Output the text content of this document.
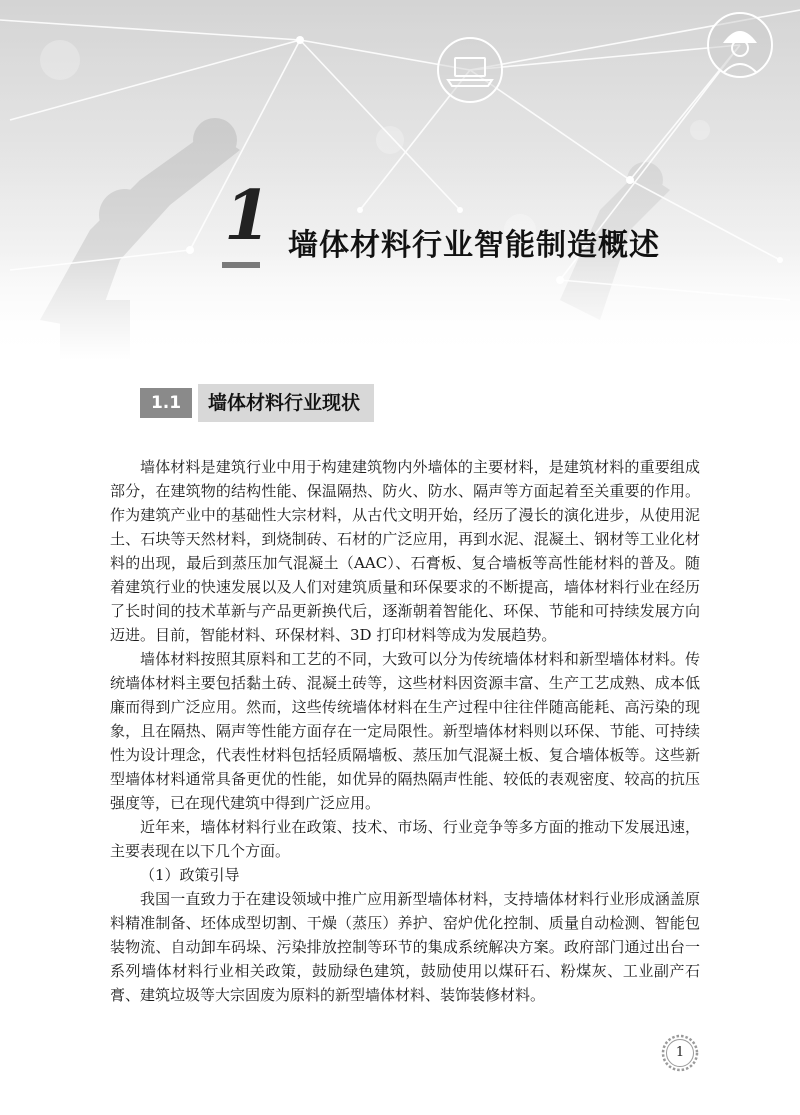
1 墙体材料行业智能制造概述
1.1	墙体材料行业现状

墙体材料是建筑行业中用于构建建筑物内外墙体的主要材料，是建筑材料的重要组成部分，在建筑物的结构性能、保温隔热、防火、防水、隔声等方面起着至关重要的作用。作为建筑产业中的基础性大宗材料，从古代文明开始，经历了漫长的演化进步，从使用泥土、石块等天然材料，到烧制砖、石材的广泛应用，再到水泥、混凝土、钢材等工业化材料的出现，最后到蒸压加气混凝土（AAC）、石膏板、复合墙板等高性能材料的普及。随着建筑行业的快速发展以及人们对建筑质量和环保要求的不断提高，墙体材料行业在经历了长时间的技术革新与产品更新换代后，逐渐朝着智能化、环保、节能和可持续发展方向迈进。目前，智能材料、环保材料、3D 打印材料等成为发展趋势。

墙体材料按照其原料和工艺的不同，大致可以分为传统墙体材料和新型墙体材料。传统墙体材料主要包括黏土砖、混凝土砖等，这些材料因资源丰富、生产工艺成熟、成本低廉而得到广泛应用。然而，这些传统墙体材料在生产过程中往往伴随高能耗、高污染的现象，且在隔热、隔声等性能方面存在一定局限性。新型墙体材料则以环保、节能、可持续性为设计理念，代表性材料包括轻质隔墙板、蒸压加气混凝土板、复合墙体板等。这些新型墙体材料通常具备更优的性能，如优异的隔热隔声性能、较低的表观密度、较高的抗压强度等，已在现代建筑中得到广泛应用。

近年来，墙体材料行业在政策、技术、市场、行业竞争等多方面的推动下发展迅速，主要表现在以下几个方面。

（1）政策引导

我国一直致力于在建设领域中推广应用新型墙体材料，支持墙体材料行业形成涵盖原料精准制备、坯体成型切割、干燥（蒸压）养护、窑炉优化控制、质量自动检测、智能包装物流、自动卸车码垛、污染排放控制等环节的集成系统解决方案。政府部门通过出台一系列墙体材料行业相关政策，鼓励绿色建筑，鼓励使用以煤矸石、粉煤灰、工业副产石膏、建筑垃圾等大宗固废为原料的新型墙体材料、装饰装修材料。

1
